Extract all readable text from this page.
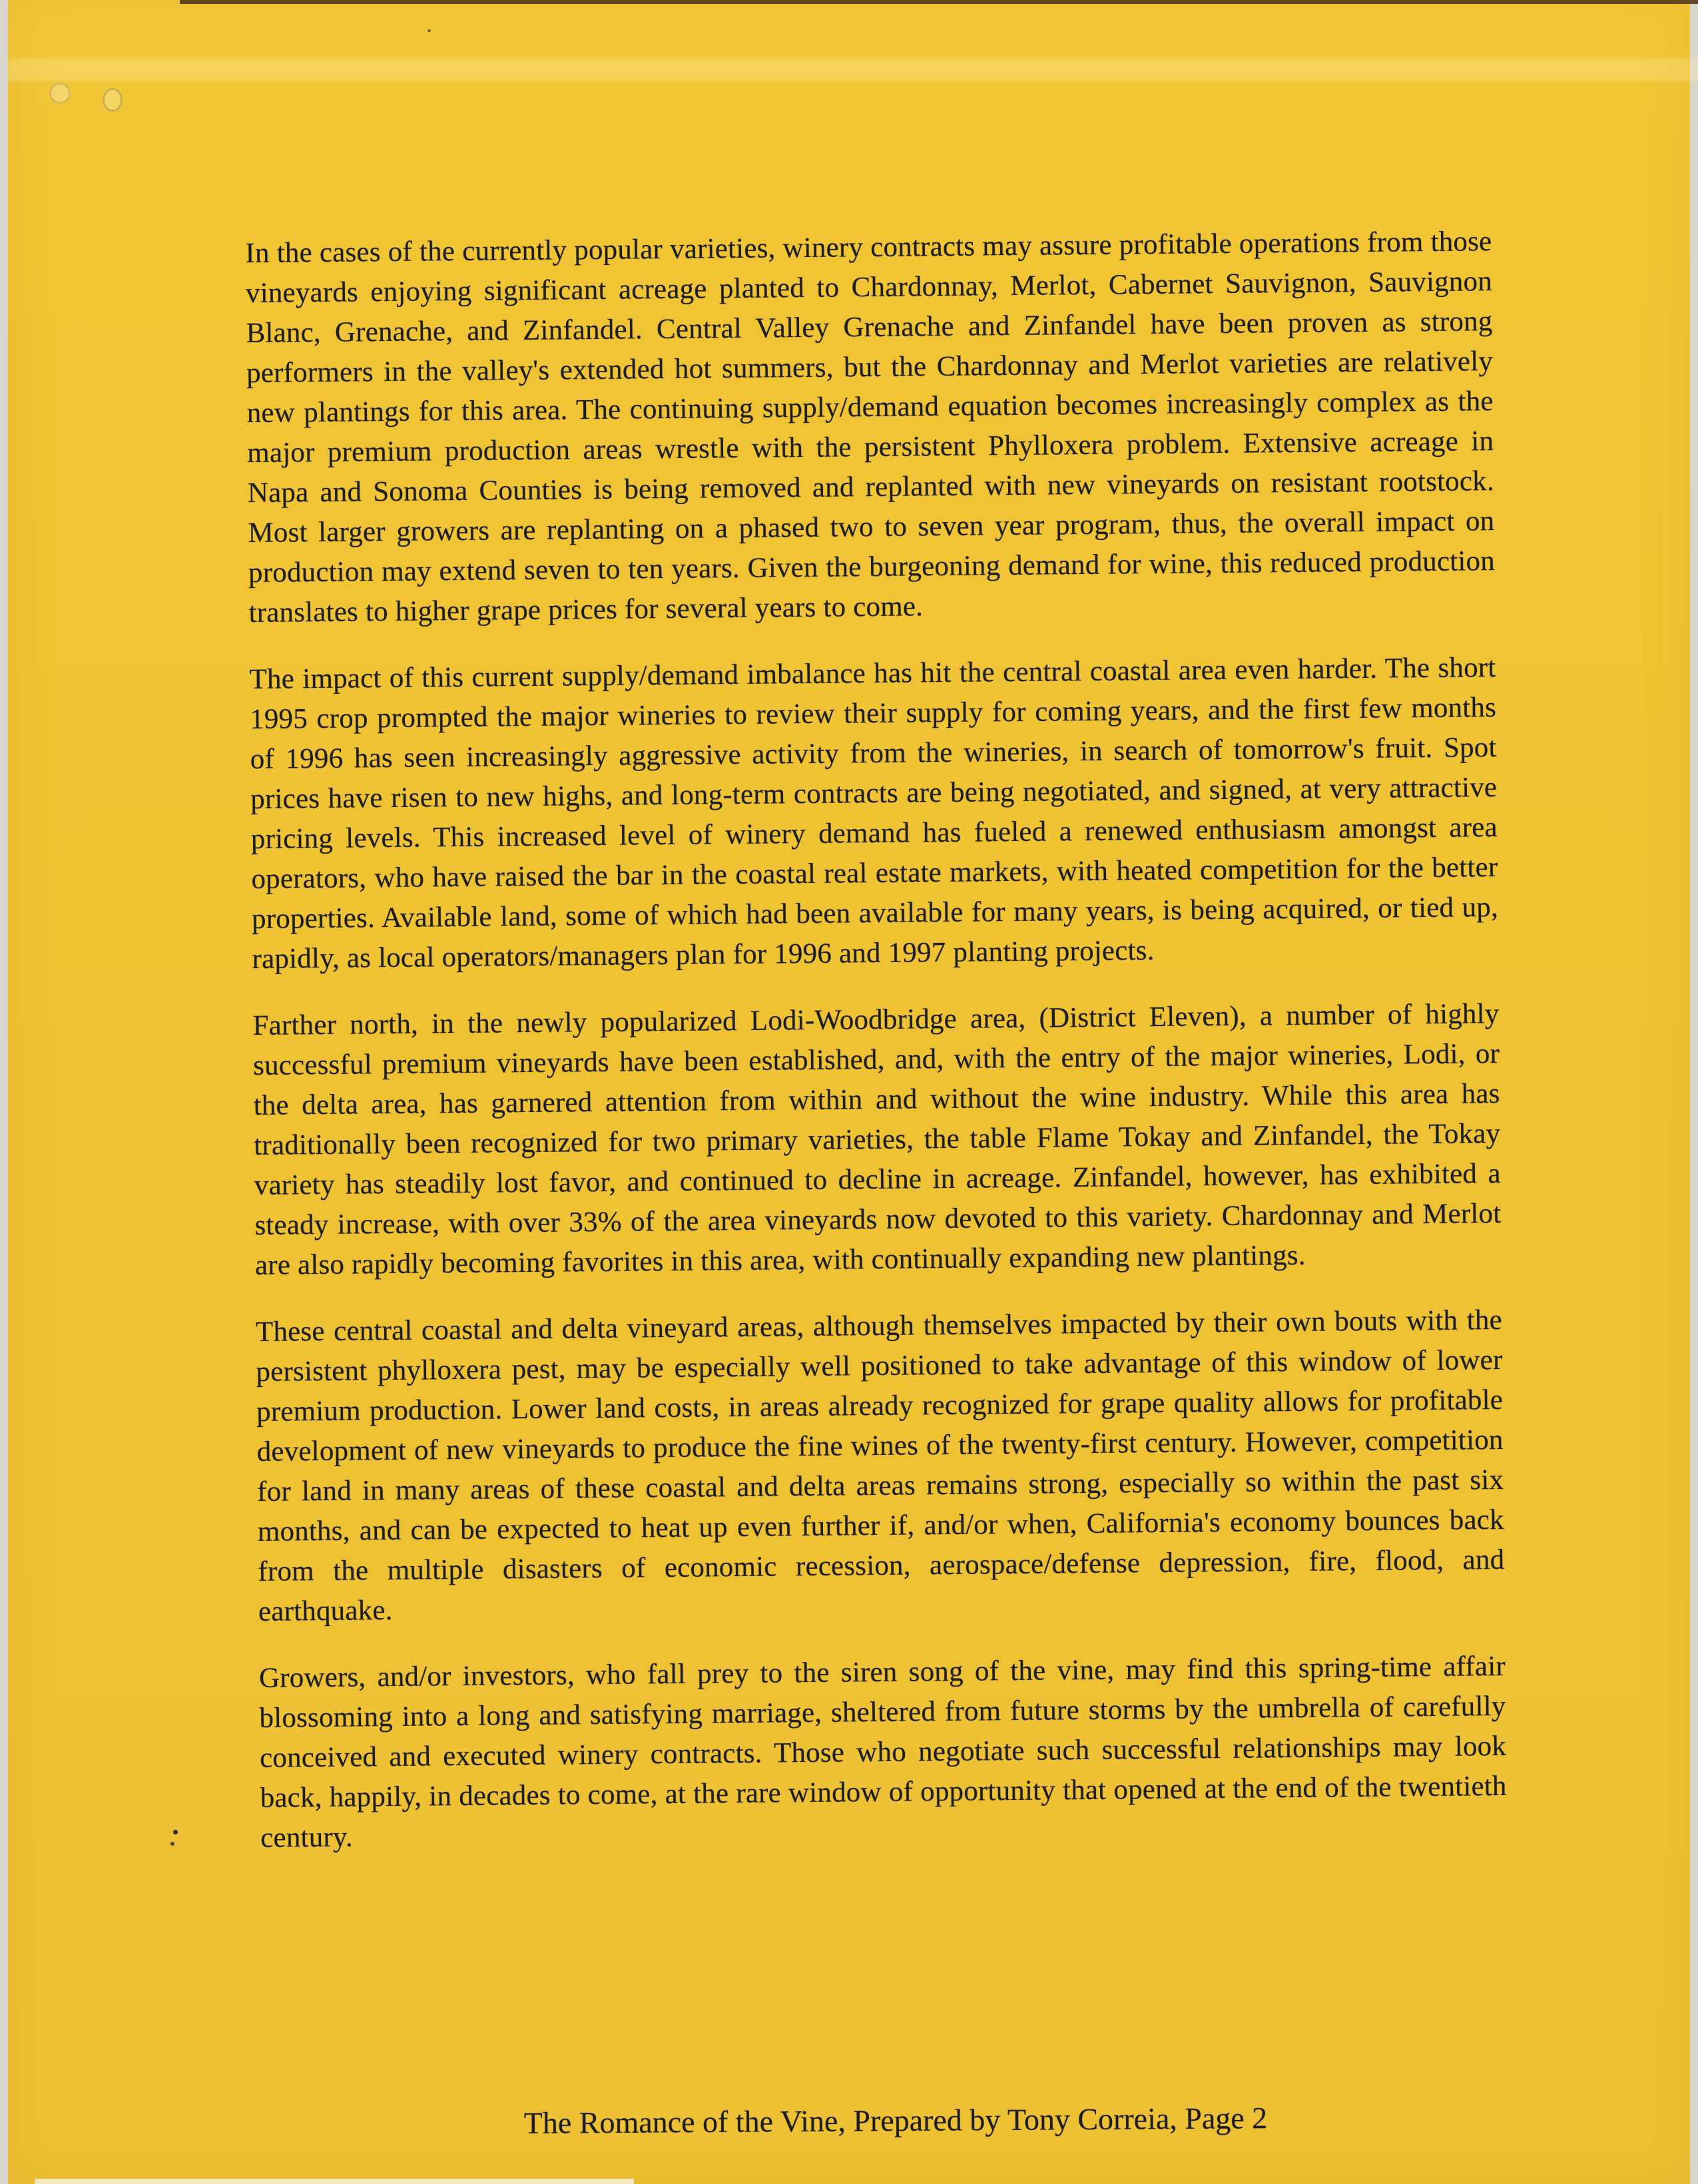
In the cases of the currently popular varieties, winery contracts may assure profitable operations from those vineyards enjoying significant acreage planted to Chardonnay, Merlot, Cabernet Sauvignon, Sauvignon Blanc, Grenache, and Zinfandel. Central Valley Grenache and Zinfandel have been proven as strong performers in the valley's extended hot summers, but the Chardonnay and Merlot varieties are relatively new plantings for this area. The continuing supply/demand equation becomes increasingly complex as the major premium production areas wrestle with the persistent Phylloxera problem. Extensive acreage in Napa and Sonoma Counties is being removed and replanted with new vineyards on resistant rootstock. Most larger growers are replanting on a phased two to seven year program, thus, the overall impact on production may extend seven to ten years. Given the burgeoning demand for wine, this reduced production translates to higher grape prices for several years to come.

The impact of this current supply/demand imbalance has hit the central coastal area even harder. The short 1995 crop prompted the major wineries to review their supply for coming years, and the first few months of 1996 has seen increasingly aggressive activity from the wineries, in search of tomorrow's fruit. Spot prices have risen to new highs, and long-term contracts are being negotiated, and signed, at very attractive pricing levels. This increased level of winery demand has fueled a renewed enthusiasm amongst area operators, who have raised the bar in the coastal real estate markets, with heated competition for the better properties. Available land, some of which had been available for many years, is being acquired, or tied up, rapidly, as local operators/managers plan for 1996 and 1997 planting projects.

Farther north, in the newly popularized Lodi-Woodbridge area, (District Eleven), a number of highly successful premium vineyards have been established, and, with the entry of the major wineries, Lodi, or the delta area, has garnered attention from within and without the wine industry. While this area has traditionally been recognized for two primary varieties, the table Flame Tokay and Zinfandel, the Tokay variety has steadily lost favor, and continued to decline in acreage. Zinfandel, however, has exhibited a steady increase, with over 33% of the area vineyards now devoted to this variety. Chardonnay and Merlot are also rapidly becoming favorites in this area, with continually expanding new plantings.

These central coastal and delta vineyard areas, although themselves impacted by their own bouts with the persistent phylloxera pest, may be especially well positioned to take advantage of this window of lower premium production. Lower land costs, in areas already recognized for grape quality allows for profitable development of new vineyards to produce the fine wines of the twenty-first century. However, competition for land in many areas of these coastal and delta areas remains strong, especially so within the past six months, and can be expected to heat up even further if, and/or when, California's economy bounces back from the multiple disasters of economic recession, aerospace/defense depression, fire, flood, and earthquake.

Growers, and/or investors, who fall prey to the siren song of the vine, may find this spring-time affair blossoming into a long and satisfying marriage, sheltered from future storms by the umbrella of carefully conceived and executed winery contracts. Those who negotiate such successful relationships may look back, happily, in decades to come, at the rare window of opportunity that opened at the end of the twentieth century.

The Romance of the Vine, Prepared by Tony Correia, Page 2
